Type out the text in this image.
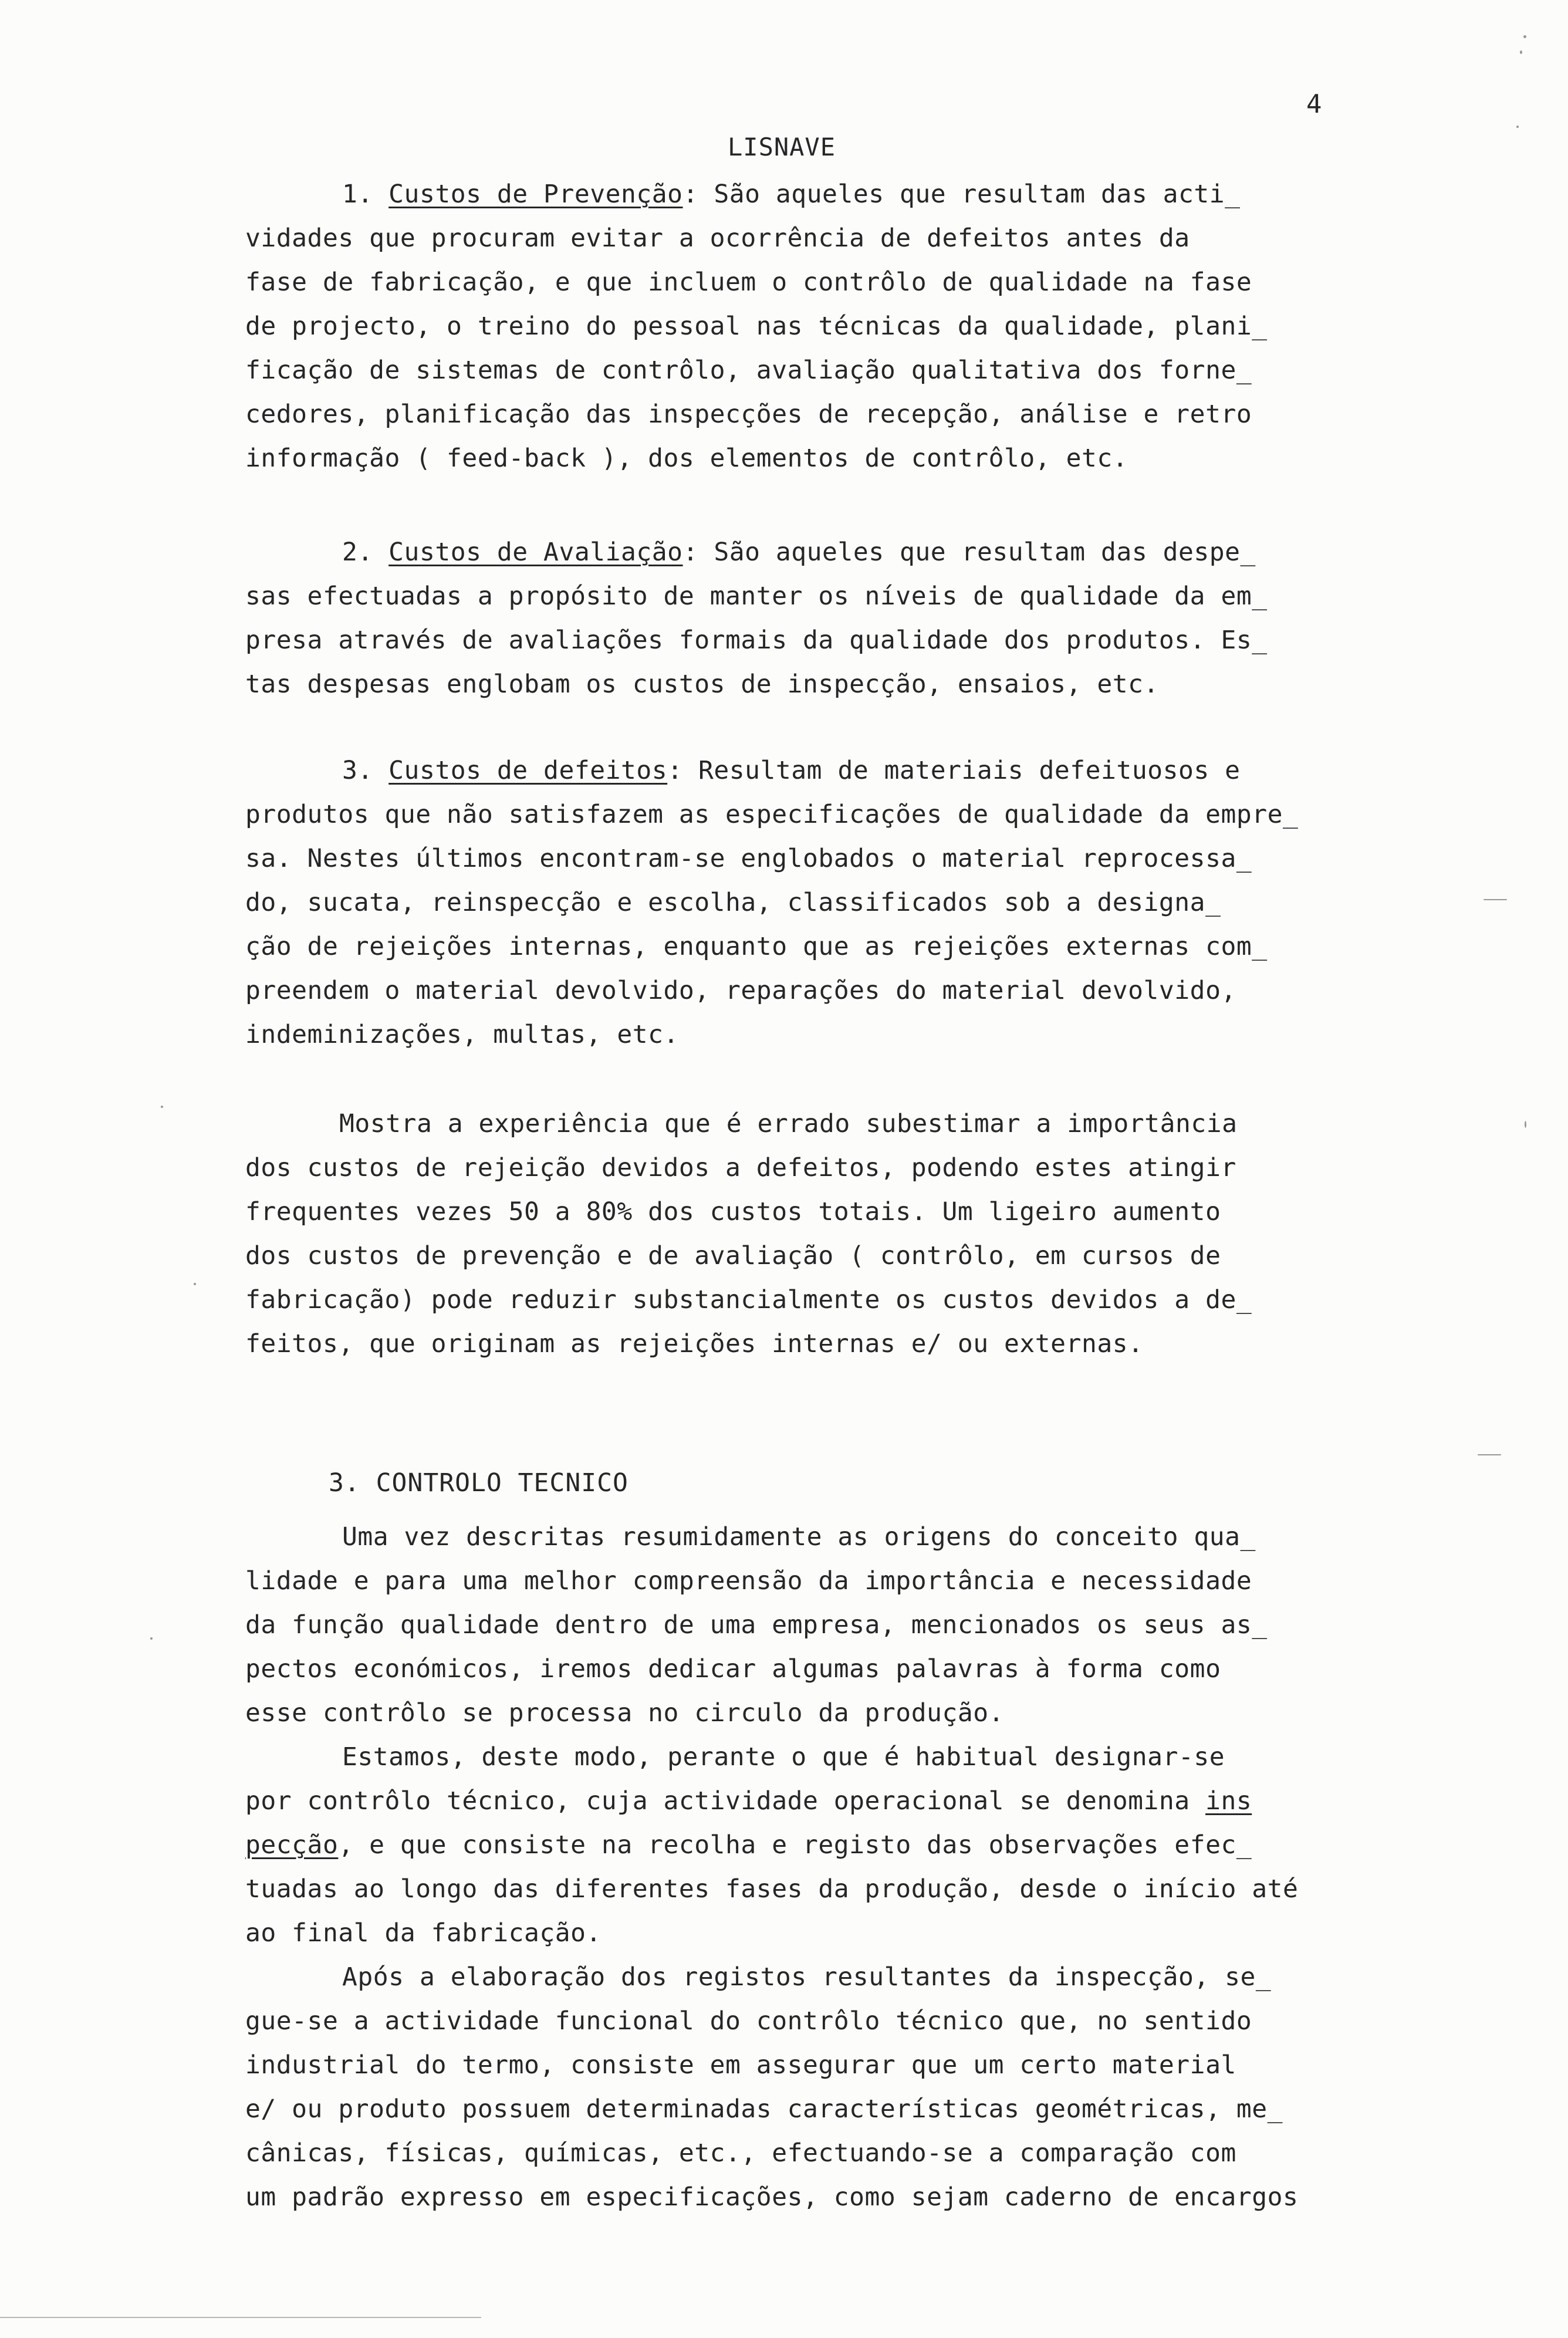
4
LISNAVE
1. Custos de Prevenção: São aqueles que resultam das acti_
vidades que procuram evitar a ocorrência de defeitos antes da
fase de fabricação, e que incluem o contrôlo de qualidade na fase
de projecto, o treino do pessoal nas técnicas da qualidade, plani_
ficação de sistemas de contrôlo, avaliação qualitativa dos forne_
cedores, planificação das inspecções de recepção, análise e retro
informação ( feed-back ), dos elementos de contrôlo, etc.
2. Custos de Avaliação: São aqueles que resultam das despe_
sas efectuadas a propósito de manter os níveis de qualidade da em_
presa através de avaliações formais da qualidade dos produtos. Es_
tas despesas englobam os custos de inspecção, ensaios, etc.
3. Custos de defeitos: Resultam de materiais defeituosos e
produtos que não satisfazem as especificações de qualidade da empre_
sa. Nestes últimos encontram-se englobados o material reprocessa_
do, sucata, reinspecção e escolha, classificados sob a designa_
ção de rejeições internas, enquanto que as rejeições externas com_
preendem o material devolvido, reparações do material devolvido,
indeminizações, multas, etc.
Mostra a experiência que é errado subestimar a importância
dos custos de rejeição devidos a defeitos, podendo estes atingir
frequentes vezes 50 a 80% dos custos totais. Um ligeiro aumento
dos custos de prevenção e de avaliação ( contrôlo, em cursos de
fabricação) pode reduzir substancialmente os custos devidos a de_
feitos, que originam as rejeições internas e/ ou externas.
3. CONTROLO TECNICO
Uma vez descritas resumidamente as origens do conceito qua_
lidade e para uma melhor compreensão da importância e necessidade
da função qualidade dentro de uma empresa, mencionados os seus as_
pectos económicos, iremos dedicar algumas palavras à forma como
esse contrôlo se processa no circulo da produção.
Estamos, deste modo, perante o que é habitual designar-se
por contrôlo técnico, cuja actividade operacional se denomina ins
pecção, e que consiste na recolha e registo das observações efec_
tuadas ao longo das diferentes fases da produção, desde o início até
ao final da fabricação.
Após a elaboração dos registos resultantes da inspecção, se_
gue-se a actividade funcional do contrôlo técnico que, no sentido
industrial do termo, consiste em assegurar que um certo material
e/ ou produto possuem determinadas características geométricas, me_
cânicas, físicas, químicas, etc., efectuando-se a comparação com
um padrão expresso em especificações, como sejam caderno de encargos
